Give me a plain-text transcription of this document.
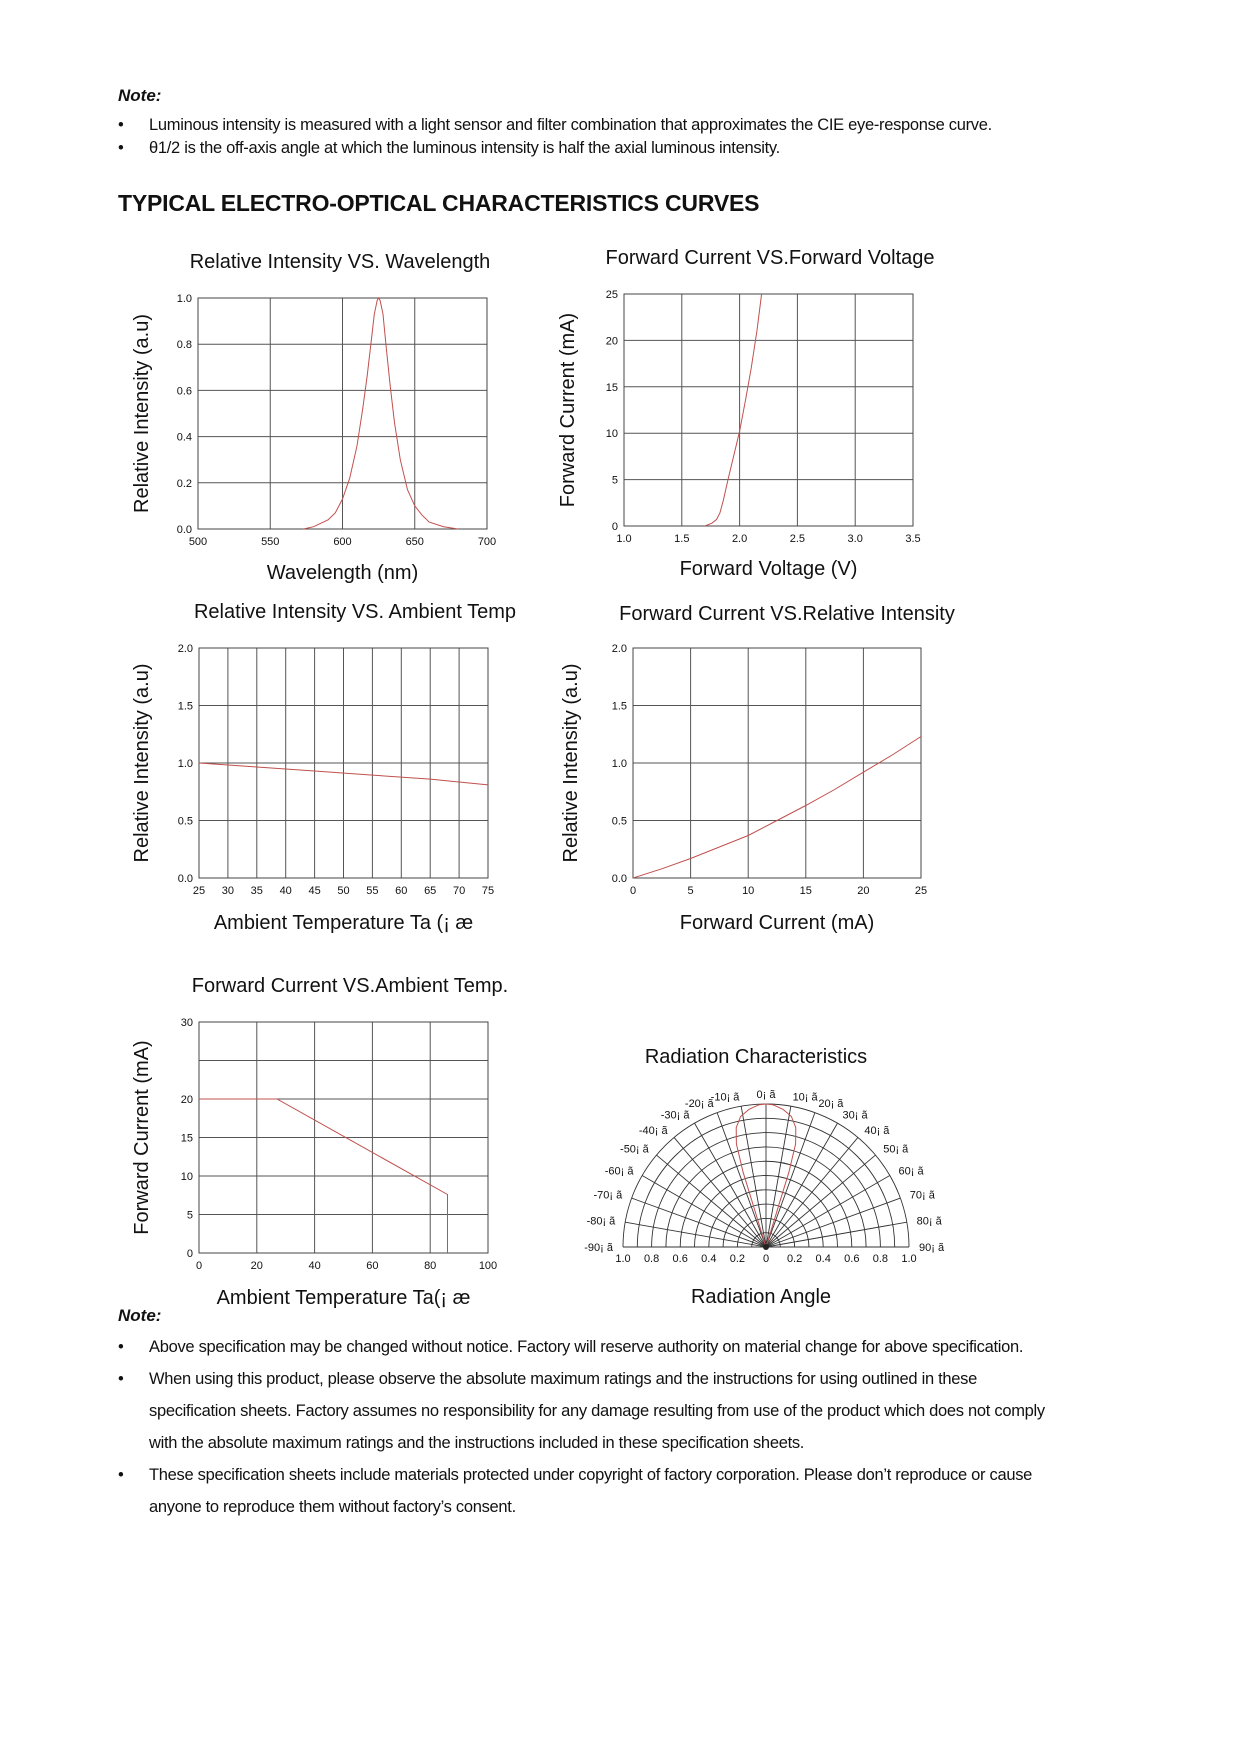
Note:
• Luminous intensity is measured with a light sensor and filter combination that approximates the CIE eye-response curve.
• θ1/2 is the off-axis angle at which the luminous intensity is half the axial luminous intensity.
TYPICAL ELECTRO-OPTICAL CHARACTERISTICS CURVES
500	550	600	650	700
0.0
0.2
0.4
0.6
0.8
1.0
Relative Intensity VS. Wavelength
Wavelength (nm)
Relative Intensity (a.u)
1.0	1.5	2.0	2.5	3.0	3.5
0
5
10
15
20
25
Forward Current VS.Forward Voltage
Forward Voltage (V)
Forward Current (mA)
25 30 35 40 45 50 55 60 65 70 75
0.0
0.5
1.0
1.5
2.0
Relative Intensity VS. Ambient Temp
Ambient Temperature Ta (¡ æ
Relative Intensity (a.u)
0	5	10	15	20	25
0.0
0.5
1.0
1.5
2.0
Forward Current VS.Relative Intensity
Forward Current (mA)
Relative Intensity (a.u)
0	20	40	60	80	100
0
5
10
15
20
30
Forward Current VS.Ambient Temp.
Ambient Temperature Ta(¡ æ
Forward Current (mA)
-90¡ ã
-80¡ ã
-70¡ ã
-60¡ ã
-50¡ ã
-40¡ ã
-30¡ ã
-20¡ ã
-10¡ ã 0¡ ã 10¡ ã
20¡ ã
30¡ ã
40¡ ã
50¡ ã
60¡ ã
70¡ ã
80¡ ã
90¡ ã
1.0 0.8 0.6 0.4 0.2 0 0.2 0.4 0.6 0.8 1.0
Radiation Characteristics
Radiation Angle
Note:
• Above specification may be changed without notice. Factory will reserve authority on material change for above specification.
• When using this product, please observe the absolute maximum ratings and the instructions for using outlined in these
specification sheets. Factory assumes no responsibility for any damage resulting from use of the product which does not comply
with the absolute maximum ratings and the instructions included in these specification sheets.
• These specification sheets include materials protected under copyright of factory corporation. Please don’t reproduce or cause
anyone to reproduce them without factory’s consent.
